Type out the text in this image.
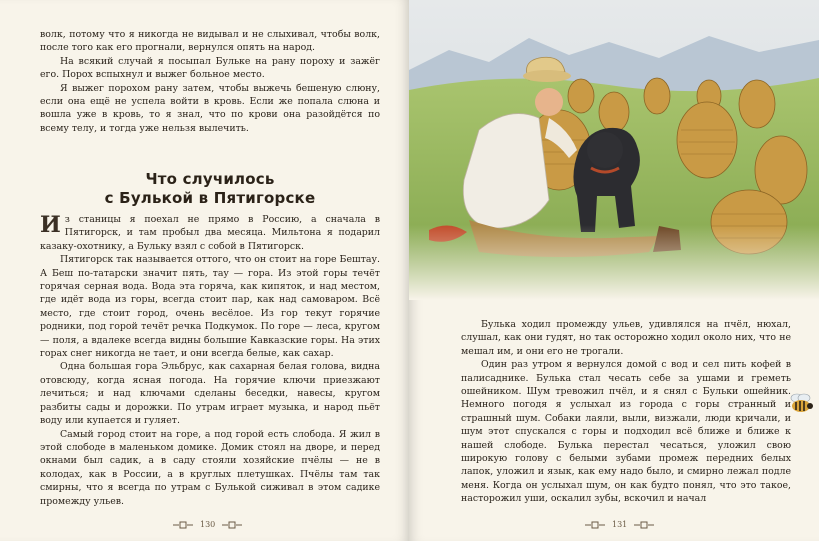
волк, потому что я никогда не видывал и не слыхивал, чтобы волк, после того как его прогнали, вернулся опять на народ.

На всякий случай я посыпал Бульке на рану пороху и зажёг его. Порох вспыхнул и выжег больное место.

Я выжег порохом рану затем, чтобы выжечь бешеную слюну, если она ещё не успела войти в кровь. Если же попала слюна и вошла уже в кровь, то я знал, что по крови она разойдётся по всему телу, и тогда уже нельзя вылечить.

Что случилось
с Булькой в Пятигорске

Из станицы я поехал не прямо в Россию, а сначала в Пятигорск, и там пробыл два месяца. Мильтона я подарил казаку-охотнику, а Бульку взял с собой в Пятигорск.

Пятигорск так называется оттого, что он стоит на горе Бештау. А Беш по-татарски значит пять, тау — гора. Из этой горы течёт горячая серная вода. Вода эта горяча, как кипяток, и над местом, где идёт вода из горы, всегда стоит пар, как над самоваром. Всё место, где стоит город, очень весёлое. Из гор текут горячие родники, под горой течёт речка Подкумок. По горе — леса, кругом — поля, а вдалеке всегда видны большие Кавказские горы. На этих горах снег никогда не тает, и они всегда белые, как сахар.

Одна большая гора Эльбрус, как сахарная белая голова, видна отовсюду, когда ясная погода. На горячие ключи приезжают лечиться; и над ключами сделаны беседки, навесы, кругом разбиты сады и дорожки. По утрам играет музыка, и народ пьёт воду или купается и гуляет.

Самый город стоит на горе, а под горой есть слобода. Я жил в этой слободе в маленьком домике. Домик стоял на дворе, и перед окнами был садик, а в саду стояли хозяйские пчёлы — не в колодах, как в России, а в круглых плетушках. Пчёлы там так смирны, что я всегда по утрам с Булькой сиживал в этом садике промежду ульев.

130

Булька ходил промежду ульев, удивлялся на пчёл, нюхал, слушал, как они гудят, но так осторожно ходил около них, что не мешал им, и они его не трогали.

Один раз утром я вернулся домой с вод и сел пить кофей в палисаднике. Булька стал чесать себе за ушами и греметь ошейником. Шум тревожил пчёл, и я снял с Бульки ошейник. Немного погодя я услыхал из города с горы странный и страшный шум. Собаки лаяли, выли, визжали, люди кричали, и шум этот спускался с горы и подходил всё ближе и ближе к нашей слободе. Булька перестал чесаться, уложил свою широкую голову с белыми зубами промеж передних белых лапок, уложил и язык, как ему надо было, и смирно лежал подле меня. Когда он услыхал шум, он как будто понял, что это такое, насторожил уши, оскалил зубы, вскочил и начал

131
